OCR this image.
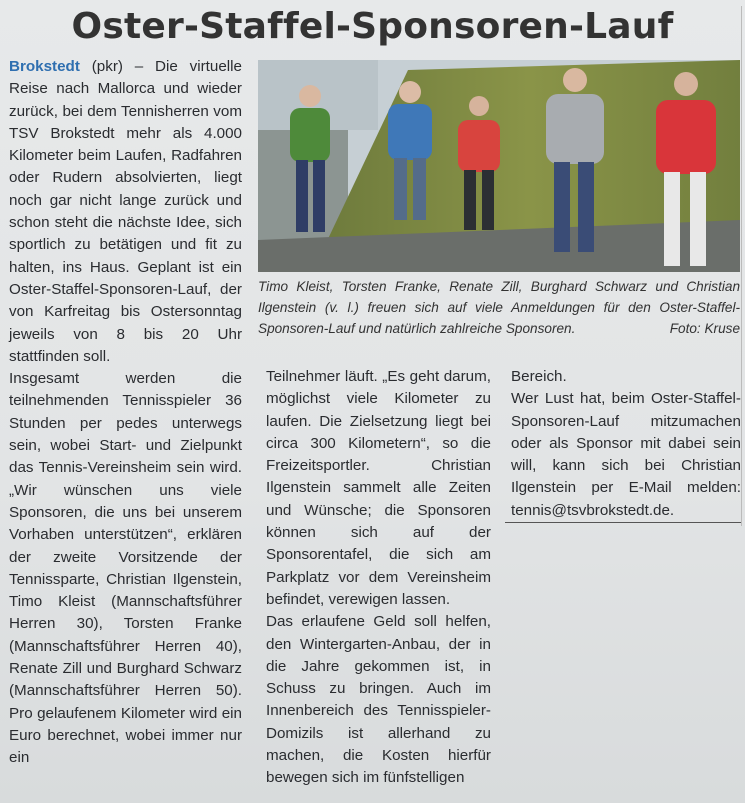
Oster-Staffel-Sponsoren-Lauf

Brokstedt (pkr) – Die virtuelle Reise nach Mallorca und wieder zurück, bei dem Tennisherren vom TSV Brokstedt mehr als 4.000 Kilometer beim Laufen, Radfahren oder Rudern absolvierten, liegt noch gar nicht lange zurück und schon steht die nächste Idee, sich sportlich zu betätigen und fit zu halten, ins Haus. Geplant ist ein Oster-Staffel-Sponsoren-Lauf, der von Karfreitag bis Ostersonntag jeweils von 8 bis 20 Uhr stattfinden soll.

Insgesamt werden die teilnehmenden Tennisspieler 36 Stunden per pedes unterwegs sein, wobei Start- und Zielpunkt das Tennis-Vereinsheim sein wird. „Wir wünschen uns viele Sponsoren, die uns bei unserem Vorhaben unterstützen“, erklären der zweite Vorsitzende der Tennissparte, Christian Ilgenstein, Timo Kleist (Mannschaftsführer Herren 30), Torsten Franke (Mannschaftsführer Herren 40), Renate Zill und Burghard Schwarz (Mannschaftsführer Herren 50). Pro gelaufenem Kilometer wird ein Euro berechnet, wobei immer nur ein

Timo Kleist, Torsten Franke, Renate Zill, Burghard Schwarz und Christian Ilgenstein (v. l.) freuen sich auf viele Anmeldungen für den Oster-Staffel-Sponsoren-Lauf und natürlich zahlreiche Sponsoren.	Foto: Kruse

Teilnehmer läuft. „Es geht darum, möglichst viele Kilometer zu laufen. Die Zielsetzung liegt bei circa 300 Kilometern“, so die Freizeitsportler. Christian Ilgenstein sammelt alle Zeiten und Wünsche; die Sponsoren können sich auf der Sponsorentafel, die sich am Parkplatz vor dem Vereinsheim befindet, verewigen lassen.

Das erlaufene Geld soll helfen, den Wintergarten-Anbau, der in die Jahre gekommen ist, in Schuss zu bringen. Auch im Innenbereich des Tennisspieler-Domizils ist allerhand zu machen, die Kosten hierfür bewegen sich im fünfstelligen

Bereich.

Wer Lust hat, beim Oster-Staffel-Sponsoren-Lauf mitzumachen oder als Sponsor mit dabei sein will, kann sich bei Christian Ilgenstein per E-Mail melden: tennis@tsvbrokstedt.de.
